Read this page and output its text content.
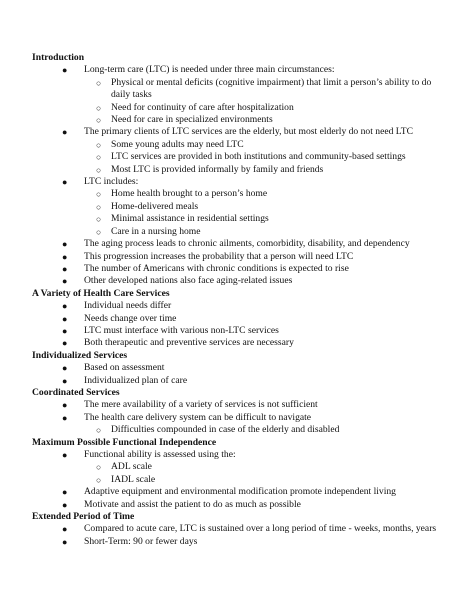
Introduction
● Long-term care (LTC) is needed under three main circumstances:
○ Physical or mental deficits (cognitive impairment) that limit a person’s ability to do daily tasks
○ Need for continuity of care after hospitalization
○ Need for care in specialized environments
● The primary clients of LTC services are the elderly, but most elderly do not need LTC
○ Some young adults may need LTC
○ LTC services are provided in both institutions and community-based settings
○ Most LTC is provided informally by family and friends
● LTC includes:
○ Home health brought to a person’s home
○ Home-delivered meals
○ Minimal assistance in residential settings
○ Care in a nursing home
● The aging process leads to chronic ailments, comorbidity, disability, and dependency
● This progression increases the probability that a person will need LTC
● The number of Americans with chronic conditions is expected to rise
● Other developed nations also face aging-related issues
A Variety of Health Care Services
● Individual needs differ
● Needs change over time
● LTC must interface with various non-LTC services
● Both therapeutic and preventive services are necessary
Individualized Services
● Based on assessment
● Individualized plan of care
Coordinated Services
● The mere availability of a variety of services is not sufficient
● The health care delivery system can be difficult to navigate
○ Difficulties compounded in case of the elderly and disabled
Maximum Possible Functional Independence
● Functional ability is assessed using the:
○ ADL scale
○ IADL scale
● Adaptive equipment and environmental modification promote independent living
● Motivate and assist the patient to do as much as possible
Extended Period of Time
● Compared to acute care, LTC is sustained over a long period of time - weeks, months, years
● Short-Term: 90 or fewer days
